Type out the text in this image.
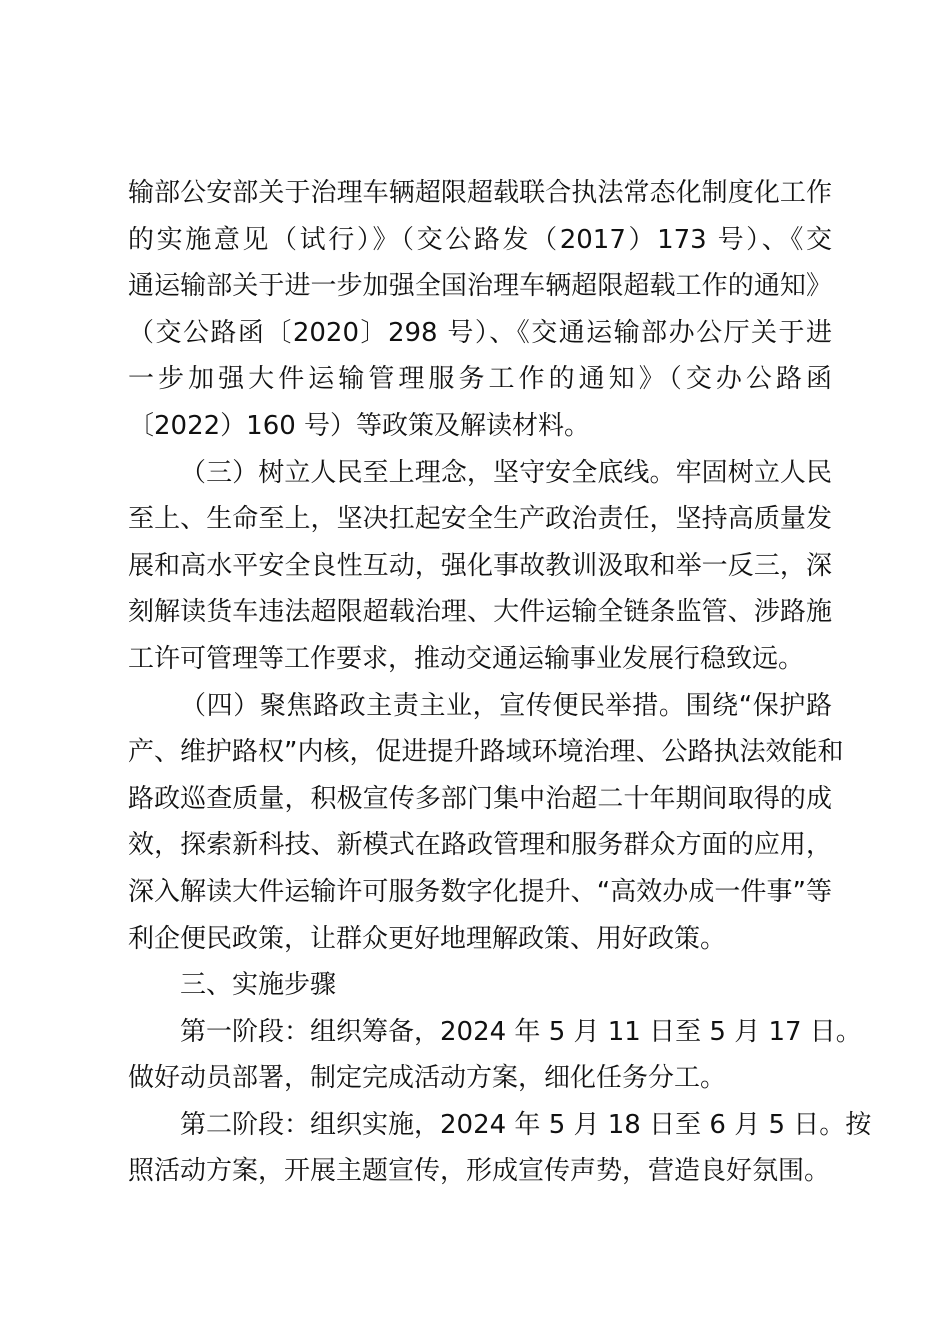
输部公安部关于治理车辆超限超载联合执法常态化制度化工作
的实施意见（试行）》（交公路发（2017）173 号）、《交
通运输部关于进一步加强全国治理车辆超限超载工作的通知》
（交公路函〔2020〕298 号）、《交通运输部办公厅关于进
一步加强大件运输管理服务工作的通知》（交办公路函
〔2022）160 号）等政策及解读材料。
（三）树立人民至上理念，坚守安全底线。牢固树立人民
至上、生命至上，坚决扛起安全生产政治责任，坚持高质量发
展和高水平安全良性互动，强化事故教训汲取和举一反三，深
刻解读货车违法超限超载治理、大件运输全链条监管、涉路施
工许可管理等工作要求，推动交通运输事业发展行稳致远。
（四）聚焦路政主责主业，宣传便民举措。围绕“保护路
产、维护路权”内核，促进提升路域环境治理、公路执法效能和
路政巡查质量，积极宣传多部门集中治超二十年期间取得的成
效，探索新科技、新模式在路政管理和服务群众方面的应用，
深入解读大件运输许可服务数字化提升、“高效办成一件事”等
利企便民政策，让群众更好地理解政策、用好政策。
三、实施步骤
第一阶段：组织筹备，2024 年 5 月 11 日至 5 月 17 日。
做好动员部署，制定完成活动方案，细化任务分工。
第二阶段：组织实施，2024 年 5 月 18 日至 6 月 5 日。按
照活动方案，开展主题宣传，形成宣传声势，营造良好氛围。
